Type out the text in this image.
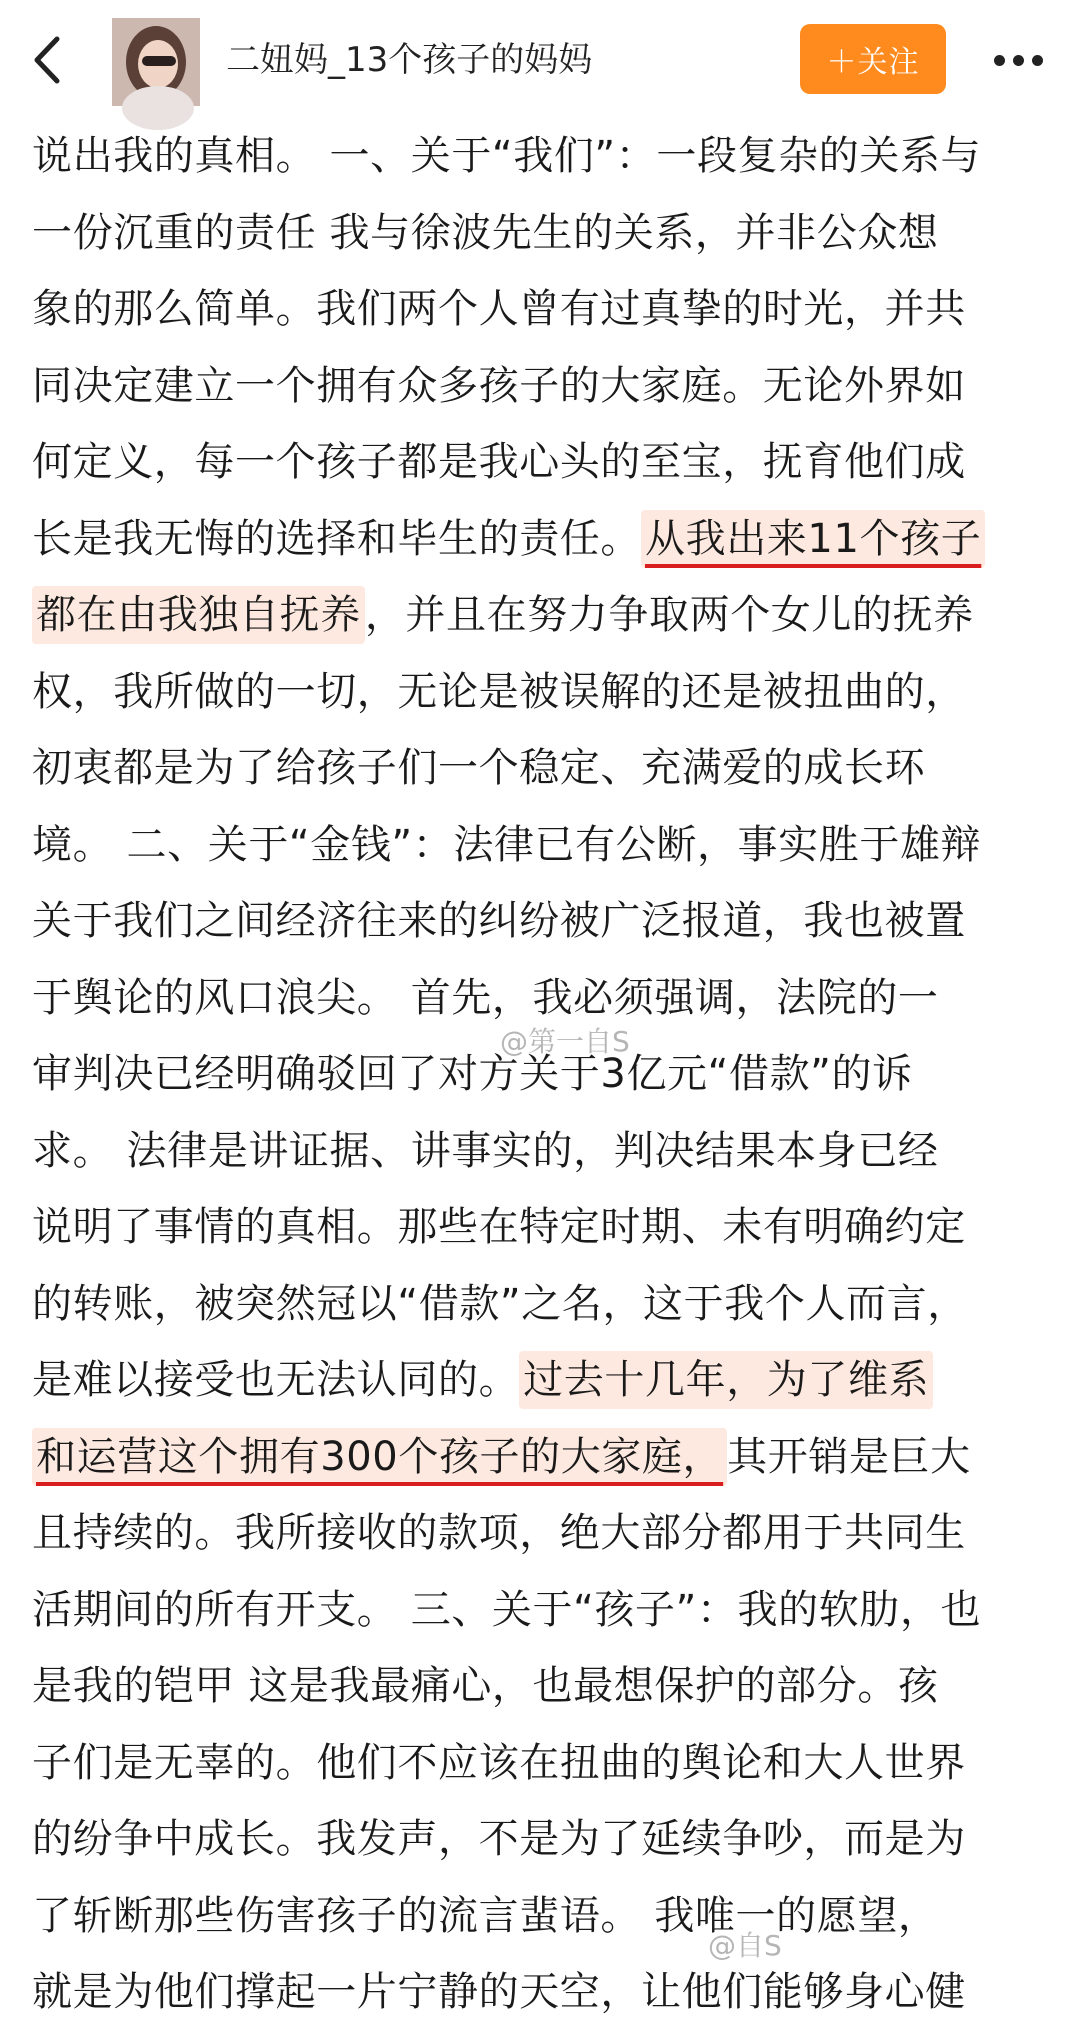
二妞妈_13个孩子的妈妈	＋关注
说出我的真相。 一、关于“我们”：一段复杂的关系与
一份沉重的责任 我与徐波先生的关系，并非公众想
象的那么简单。我们两个人曾有过真挚的时光，并共
同决定建立一个拥有众多孩子的大家庭。无论外界如
何定义，每一个孩子都是我心头的至宝，抚育他们成
长是我无悔的选择和毕生的责任。 从我出来11个孩子
都在由我独自抚养 ，并且在努力争取两个女儿的抚养
权，我所做的一切，无论是被误解的还是被扭曲的，
初衷都是为了给孩子们一个稳定、充满爱的成长环
境。 二、关于“金钱”：法律已有公断，事实胜于雄辩
关于我们之间经济往来的纠纷被广泛报道，我也被置
于舆论的风口浪尖。 首先，我必须强调，法院的一
审判决已经明确驳回了对方关于3亿元“借款”的诉
求。 法律是讲证据、讲事实的，判决结果本身已经
说明了事情的真相。那些在特定时期、未有明确约定
的转账，被突然冠以“借款”之名，这于我个人而言，
是难以接受也无法认同的。 过去十几年，为了维系
和运营这个拥有300个孩子的大家庭， 其开销是巨大
且持续的。我所接收的款项，绝大部分都用于共同生
活期间的所有开支。 三、关于“孩子”：我的软肋，也
是我的铠甲 这是我最痛心，也最想保护的部分。孩
子们是无辜的。他们不应该在扭曲的舆论和大人世界
的纷争中成长。我发声，不是为了延续争吵，而是为
了斩断那些伤害孩子的流言蜚语。 我唯一的愿望，
就是为他们撑起一片宁静的天空，让他们能够身心健
@第一自S
@自S
